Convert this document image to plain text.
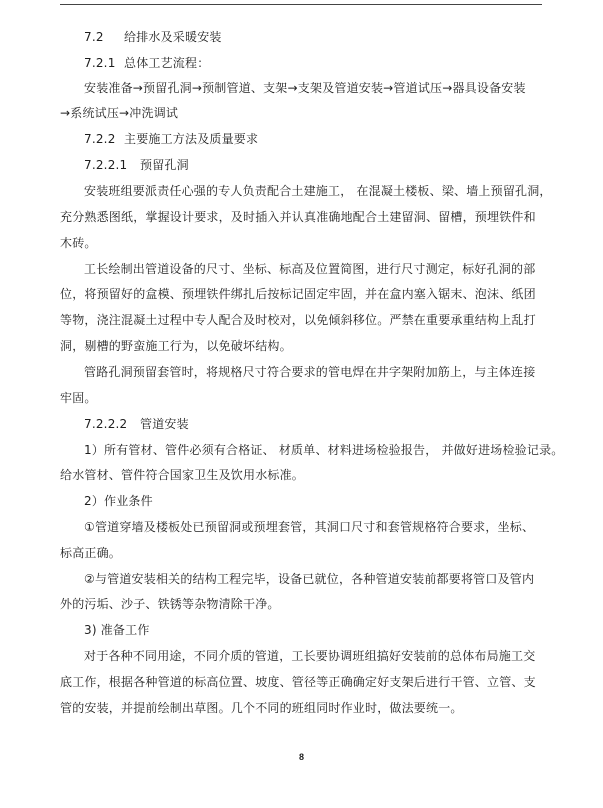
7.2 给排水及采暖安装
7.2.1 总体工艺流程：
安装准备→预留孔洞→预制管道、支架→支架及管道安装→管道试压→器具设备安装
→系统试压→冲洗调试
7.2.2 主要施工方法及质量要求
7.2.2.1 预留孔洞
安装班组要派责任心强的专人负责配合土建施工， 在混凝土楼板、梁、墙上预留孔洞，
充分熟悉图纸，掌握设计要求，及时插入并认真准确地配合土建留洞、留槽，预埋铁件和
木砖。
工长绘制出管道设备的尺寸、坐标、标高及位置简图，进行尺寸测定，标好孔洞的部
位，将预留好的盒模、预埋铁件绑扎后按标记固定牢固，并在盒内塞入锯末、泡沫、纸团
等物，浇注混凝土过程中专人配合及时校对，以免倾斜移位。严禁在重要承重结构上乱打
洞，剔槽的野蛮施工行为，以免破坏结构。
管路孔洞预留套管时，将规格尺寸符合要求的管电焊在井字架附加筋上，与主体连接
牢固。
7.2.2.2 管道安装
1）所有管材、管件必须有合格证、 材质单、材料进场检验报告， 并做好进场检验记录。
给水管材、管件符合国家卫生及饮用水标准。
2）作业条件
①管道穿墙及楼板处已预留洞或预埋套管，其洞口尺寸和套管规格符合要求，坐标、
标高正确。
②与管道安装相关的结构工程完毕，设备已就位，各种管道安装前都要将管口及管内
外的污垢、沙子、铁锈等杂物清除干净。
3) 准备工作
对于各种不同用途，不同介质的管道，工长要协调班组搞好安装前的总体布局施工交
底工作，根据各种管道的标高位置、坡度、管径等正确确定好支架后进行干管、立管、支
管的安装，并提前绘制出草图。几个不同的班组同时作业时，做法要统一。
8
